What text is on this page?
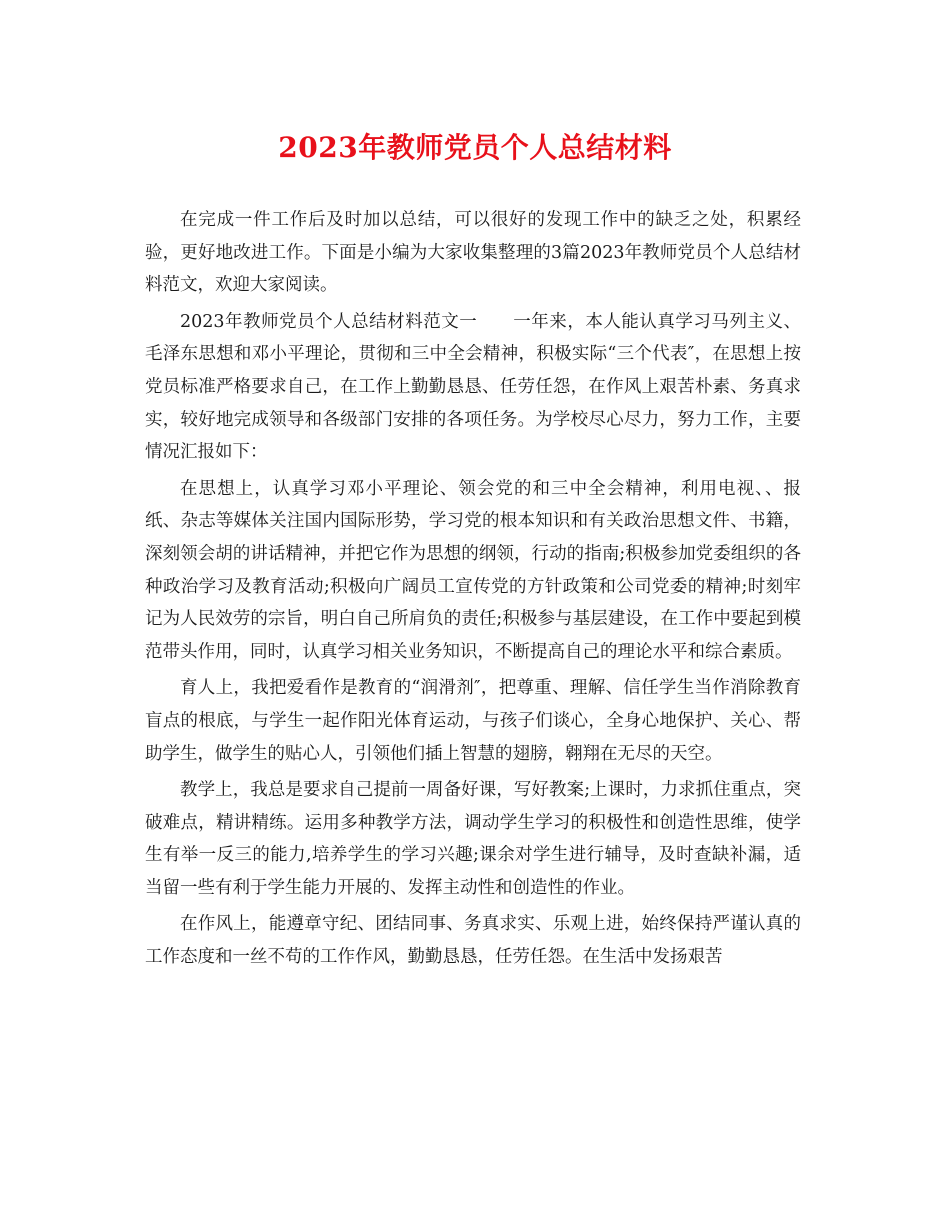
2023年教师党员个人总结材料

在完成一件工作后及时加以总结，可以很好的发现工作中的缺乏之处，积累经验，更好地改进工作。下面是小编为大家收集整理的3篇2023年教师党员个人总结材料范文，欢迎大家阅读。

2023年教师党员个人总结材料范文一　　一年来，本人能认真学习马列主义、毛泽东思想和邓小平理论，贯彻和三中全会精神，积极实际“三个代表″，在思想上按党员标准严格要求自己，在工作上勤勤恳恳、任劳任怨，在作风上艰苦朴素、务真求实，较好地完成领导和各级部门安排的各项任务。为学校尽心尽力，努力工作，主要情况汇报如下：

在思想上，认真学习邓小平理论、领会党的和三中全会精神，利用电视、、报纸、杂志等媒体关注国内国际形势，学习党的根本知识和有关政治思想文件、书籍，深刻领会胡的讲话精神，并把它作为思想的纲领，行动的指南;积极参加党委组织的各种政治学习及教育活动;积极向广阔员工宣传党的方针政策和公司党委的精神;时刻牢记为人民效劳的宗旨，明白自己所肩负的责任;积极参与基层建设，在工作中要起到模范带头作用，同时，认真学习相关业务知识，不断提高自己的理论水平和综合素质。

育人上，我把爱看作是教育的“润滑剂″，把尊重、理解、信任学生当作消除教育盲点的根底，与学生一起作阳光体育运动，与孩子们谈心，全身心地保护、关心、帮助学生，做学生的贴心人，引领他们插上智慧的翅膀，翱翔在无尽的天空。

教学上，我总是要求自己提前一周备好课，写好教案;上课时，力求抓住重点，突破难点，精讲精练。运用多种教学方法，调动学生学习的积极性和创造性思维，使学生有举一反三的能力,培养学生的学习兴趣;课余对学生进行辅导，及时查缺补漏，适当留一些有利于学生能力开展的、发挥主动性和创造性的作业。

在作风上，能遵章守纪、团结同事、务真求实、乐观上进，始终保持严谨认真的工作态度和一丝不苟的工作作风，勤勤恳恳，任劳任怨。在生活中发扬艰苦
